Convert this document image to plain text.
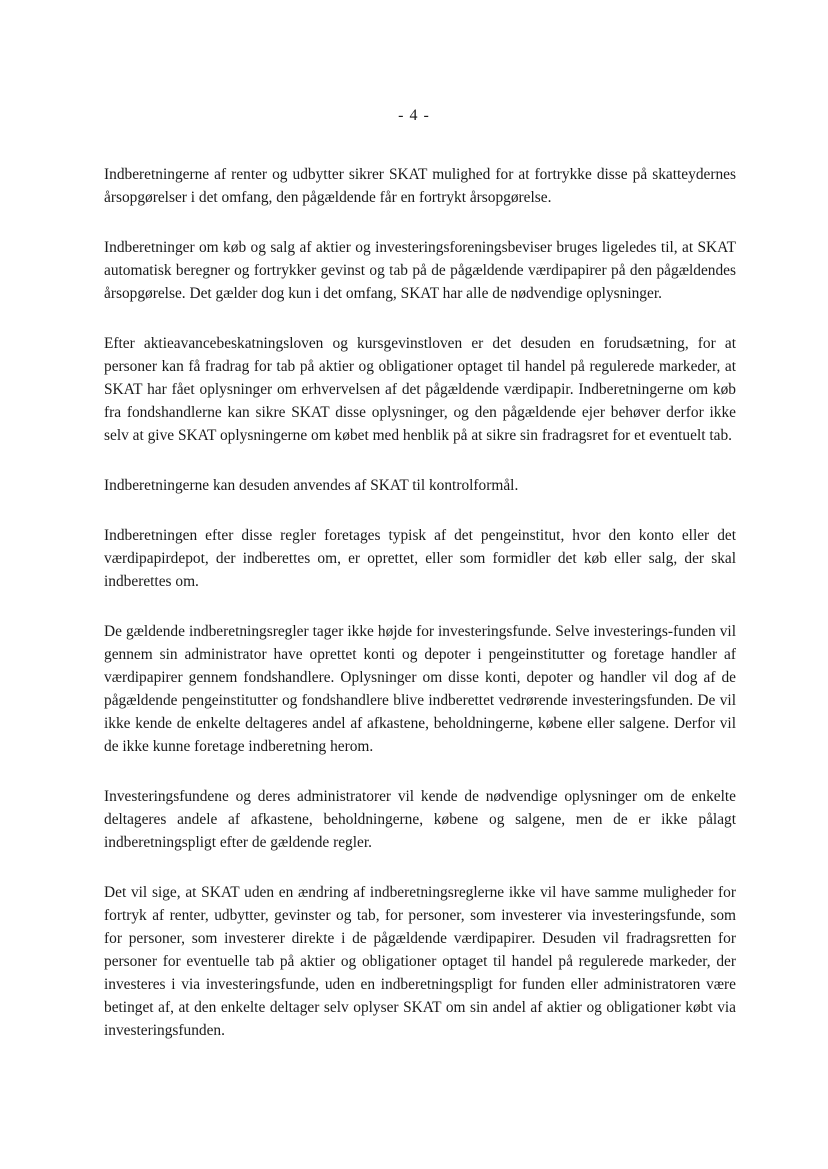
- 4 -

Indberetningerne af renter og udbytter sikrer SKAT mulighed for at fortrykke disse på skatteydernes årsopgørelser i det omfang, den pågældende får en fortrykt årsopgørelse.

Indberetninger om køb og salg af aktier og investeringsforeningsbeviser bruges ligeledes til, at SKAT automatisk beregner og fortrykker gevinst og tab på de pågældende værdipapirer på den pågældendes årsopgørelse. Det gælder dog kun i det omfang, SKAT har alle de nødvendige oplysninger.

Efter aktieavancebeskatningsloven og kursgevinstloven er det desuden en forudsætning, for at personer kan få fradrag for tab på aktier og obligationer optaget til handel på regulerede markeder, at SKAT har fået oplysninger om erhvervelsen af det pågældende værdipapir. Indberetningerne om køb fra fondshandlerne kan sikre SKAT disse oplysninger, og den pågældende ejer behøver derfor ikke selv at give SKAT oplysningerne om købet med henblik på at sikre sin fradragsret for et eventuelt tab.

Indberetningerne kan desuden anvendes af SKAT til kontrolformål.

Indberetningen efter disse regler foretages typisk af det pengeinstitut, hvor den konto eller det værdipapirdepot, der indberettes om, er oprettet, eller som formidler det køb eller salg, der skal indberettes om.

De gældende indberetningsregler tager ikke højde for investeringsfunde. Selve investerings-funden vil gennem sin administrator have oprettet konti og depoter i pengeinstitutter og foretage handler af værdipapirer gennem fondshandlere. Oplysninger om disse konti, depoter og handler vil dog af de pågældende pengeinstitutter og fondshandlere blive indberettet vedrørende investeringsfunden. De vil ikke kende de enkelte deltageres andel af afkastene, beholdningerne, købene eller salgene. Derfor vil de ikke kunne foretage indberetning herom.

Investeringsfundene og deres administratorer vil kende de nødvendige oplysninger om de enkelte deltageres andele af afkastene, beholdningerne, købene og salgene, men de er ikke pålagt indberetningspligt efter de gældende regler.

Det vil sige, at SKAT uden en ændring af indberetningsreglerne ikke vil have samme muligheder for fortryk af renter, udbytter, gevinster og tab, for personer, som investerer via investeringsfunde, som for personer, som investerer direkte i de pågældende værdipapirer. Desuden vil fradragsretten for personer for eventuelle tab på aktier og obligationer optaget til handel på regulerede markeder, der investeres i via investeringsfunde, uden en indberetningspligt for funden eller administratoren være betinget af, at den enkelte deltager selv oplyser SKAT om sin andel af aktier og obligationer købt via investeringsfunden.
